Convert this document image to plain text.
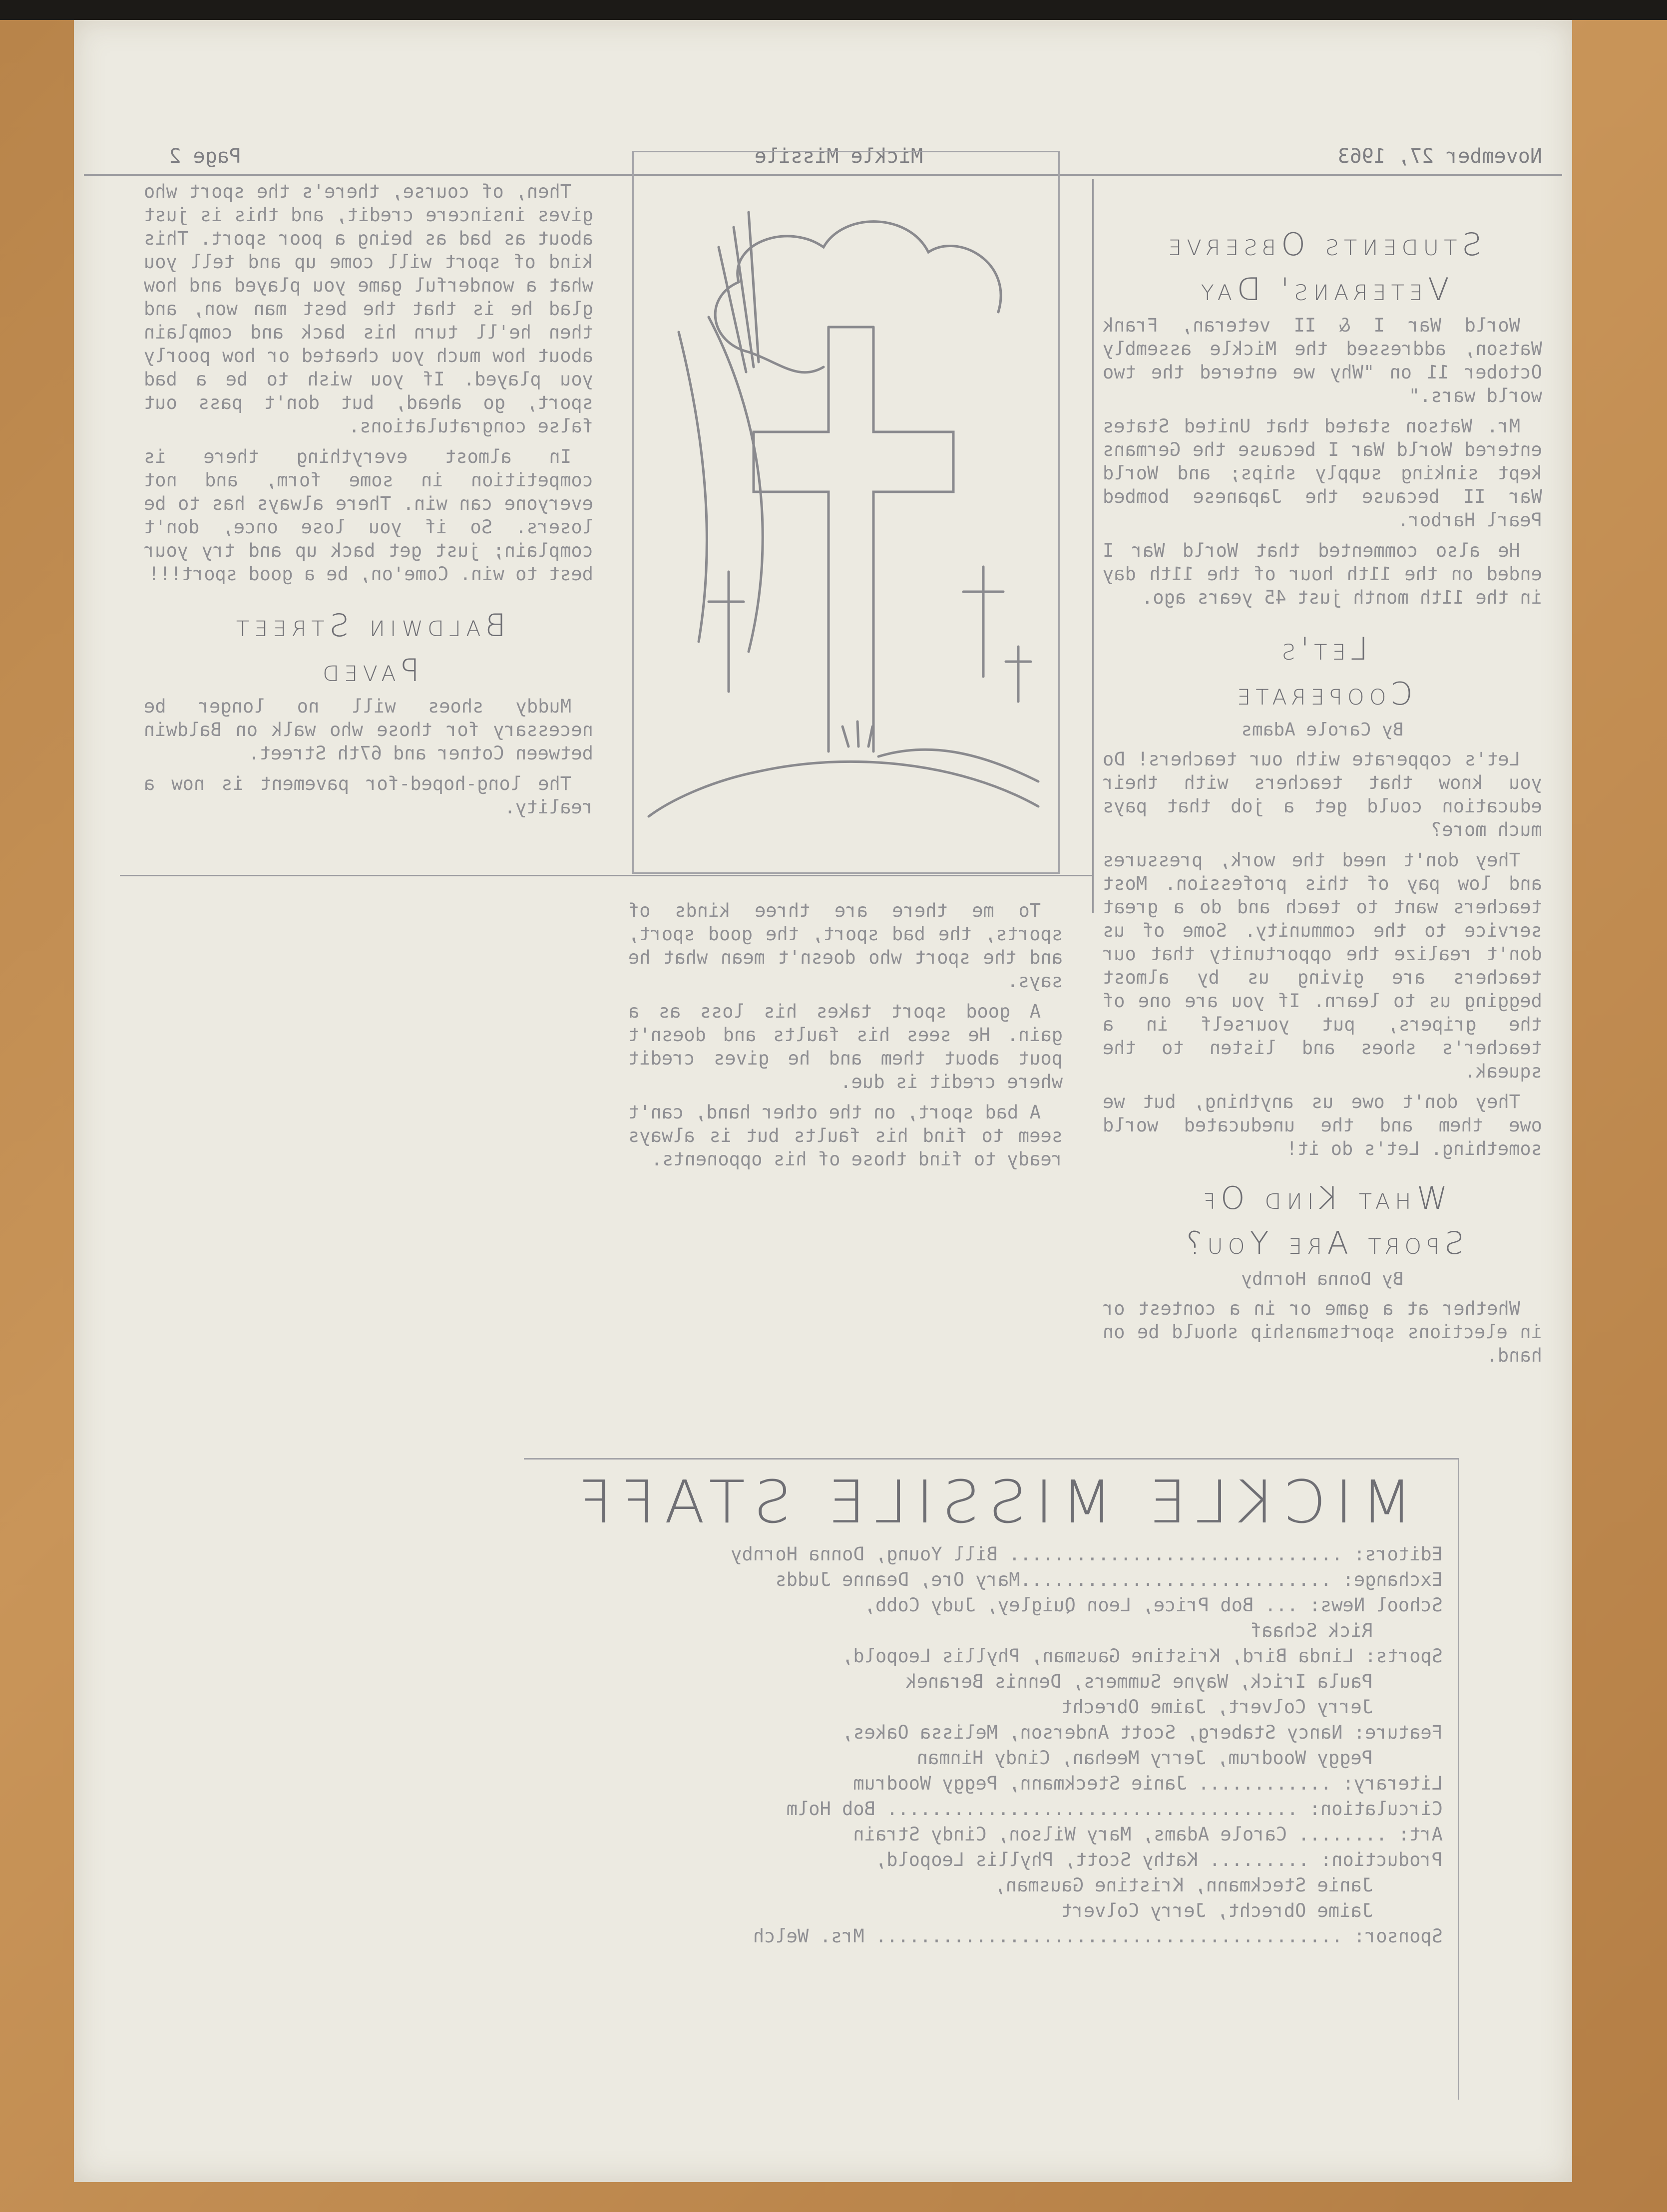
November 27, 1963
Mickle Missile
Page 2
Students Observe
Veterans' Day

World War I & II veteran, Frank Watson, addressed the Mickle assembly October 11 on "Why we entered the two world wars."

Mr. Watson stated that United States entered World War I because the Germans kept sinking supply ships; and World War II because the Japanese bombed Pearl Harbor.

He also commented that World War I ended on the 11th hour of the 11th day in the 11th month just 45 years ago.

Let's
Cooperate
By Carole Adams

Let's copperate with our teachers! Do you know that teachers with their education could get a job that pays much more?

They don't need the work, pressures and low pay of this profession. Most teachers want to teach and do a great service to the community. Some of us don't realize the opportunity that our teachers are giving us by almost begging us to learn. If you are one of the gripers, put yourself in a teacher's shoes and listen to the squeak.

They don't owe us anything, but we owe them and the uneducated world something. Let's do it!

What Kind Of
Sport Are You?
By Donna Hornby

Whether at a game or in a contest or in elections sportsmanship should be on hand.

To me there are three kinds of sports, the bad sport, the good sport, and the sport who doesn't mean what he says.

A good sport takes his loss as a gain. He sees his faults and doesn't pout about them and he gives credit where credit is due.

A bad sport, on the other hand, can't seem to find his faults but is always ready to find those of his opponents.

Then, of course, there's the sport who gives insincere credit, and this is just about as bad as being a poor sport. This kind of sport will come up and tell you what a wonderful game you played and how glad he is that the best man won, and then he'll turn his back and complain about how much you cheated or how poorly you played. If you wish to be a bad sport, go ahead, but don't pass out false congratulations.

In almost everything there is competition in some form, and not everyone can win. There always has to be losers. So if you lose once, don't complain; just get back up and try your best to win. Come'on, be a good sport!!!

Baldwin Street
Paved

Muddy shoes will no longer be necessary for those who walk on Baldwin between Cotner and 67th Street.

The long-hoped-for pavement is now a reality.

MICKLE MISSILE STAFF
Editors: .............................. Bill Young, Donna Hornby
Exchange: ............................Mary Ore, Deanne Judds
School News: ... Bob Price, Leon Quigley, Judy Cobb,
Rick Schaaf
Sports: Linda Bird, Kristine Gausman, Phyllis Leopold,
Paula Irick, Wayne Summers, Dennis Beranek
Jerry Colvert, Jaime Obrecht
Feature: Nancy Staberg, Scott Anderson, Melissa Oakes,
Peggy Woodrum, Jerry Meehan, Cindy Hinman
Literary: ............ Janie Steckmann, Peggy Woodrum
Circulation: ..................................... Bob Holm
Art: ........ Carole Adams, Mary Wilson, Cindy Strain
Production: ......... Kathy Scott, Phyllis Leopold,
Janie Steckmann, Kristine Gausman,
Jaime Obrecht, Jerry Colvert
Sponsor: .......................................... Mrs. Welch
